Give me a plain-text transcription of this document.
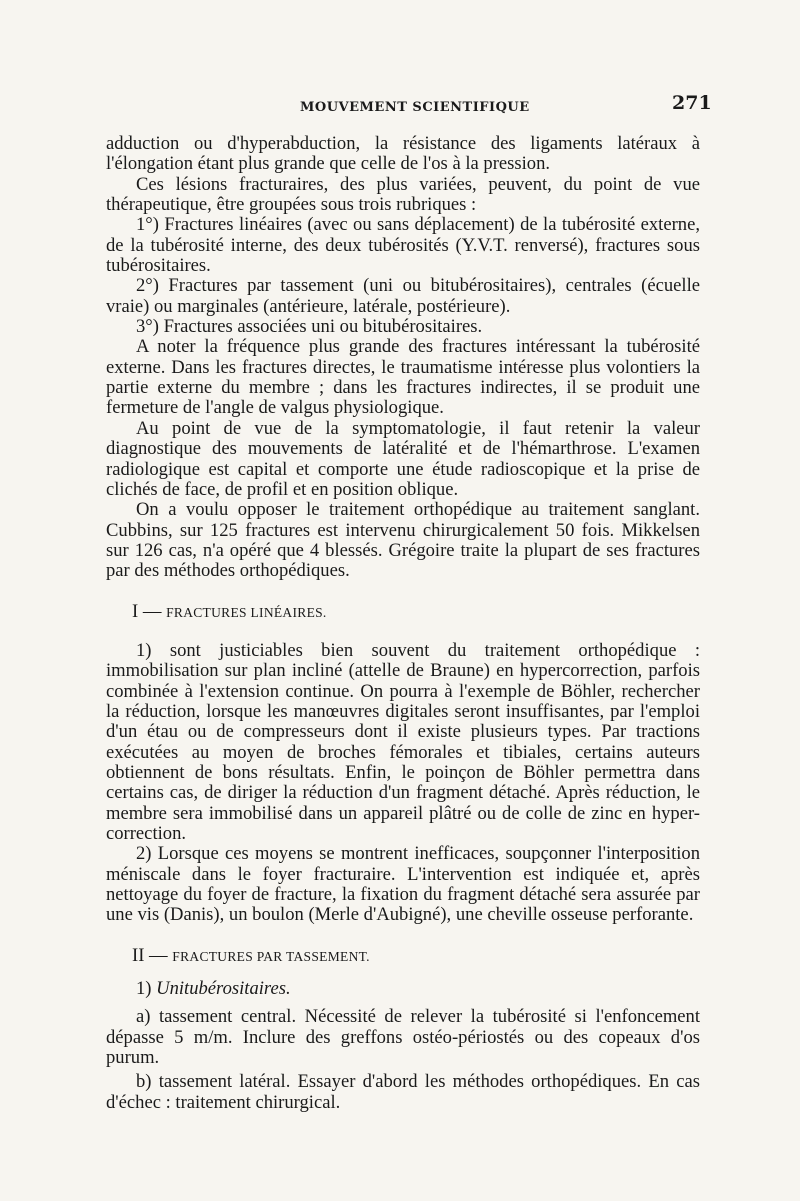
MOUVEMENT SCIENTIFIQUE	271

adduction ou d'hyperabduction, la résistance des ligaments latéraux à l'élongation étant plus grande que celle de l'os à la pression.

Ces lésions fracturaires, des plus variées, peuvent, du point de vue thérapeutique, être groupées sous trois rubriques :

1°) Fractures linéaires (avec ou sans déplacement) de la tubérosité externe, de la tubérosité interne, des deux tubérosités (Y.V.T. renversé), fractures sous tubérositaires.

2°) Fractures par tassement (uni ou bitubérositaires), centrales (écuelle vraie) ou marginales (antérieure, latérale, postérieure).

3°) Fractures associées uni ou bitubérositaires.

A noter la fréquence plus grande des fractures intéressant la tubérosité externe. Dans les fractures directes, le traumatisme intéresse plus volontiers la partie externe du membre ; dans les fractures indirectes, il se produit une fermeture de l'angle de valgus physiologique.

Au point de vue de la symptomatologie, il faut retenir la valeur diagnostique des mouvements de latéralité et de l'hémarthrose. L'examen radiologique est capital et comporte une étude radioscopique et la prise de clichés de face, de profil et en position oblique.

On a voulu opposer le traitement orthopédique au traitement sanglant. Cubbins, sur 125 fractures est intervenu chirurgicalement 50 fois. Mikkelsen sur 126 cas, n'a opéré que 4 blessés. Grégoire traite la plupart de ses fractures par des méthodes orthopédiques.

I — FRACTURES LINÉAIRES.

1) sont justiciables bien souvent du traitement orthopédique : immobilisation sur plan incliné (attelle de Braune) en hypercorrection, parfois combinée à l'extension continue. On pourra à l'exemple de Böhler, rechercher la réduction, lorsque les manœuvres digitales seront insuffisantes, par l'emploi d'un étau ou de compresseurs dont il existe plusieurs types. Par tractions exécutées au moyen de broches fémorales et tibiales, certains auteurs obtiennent de bons résultats. Enfin, le poinçon de Böhler permettra dans certains cas, de diriger la réduction d'un fragment détaché. Après réduction, le membre sera immobilisé dans un appareil plâtré ou de colle de zinc en hyper-correction.

2) Lorsque ces moyens se montrent inefficaces, soupçonner l'interposition méniscale dans le foyer fracturaire. L'intervention est indiquée et, après nettoyage du foyer de fracture, la fixation du fragment détaché sera assurée par une vis (Danis), un boulon (Merle d'Aubigné), une cheville osseuse perforante.

II — FRACTURES PAR TASSEMENT.

1) Unitubérositaires.

a) tassement central. Nécessité de relever la tubérosité si l'enfoncement dépasse 5 m/m. Inclure des greffons ostéo-périostés ou des copeaux d'os purum.

b) tassement latéral. Essayer d'abord les méthodes orthopédiques. En cas d'échec : traitement chirurgical.
